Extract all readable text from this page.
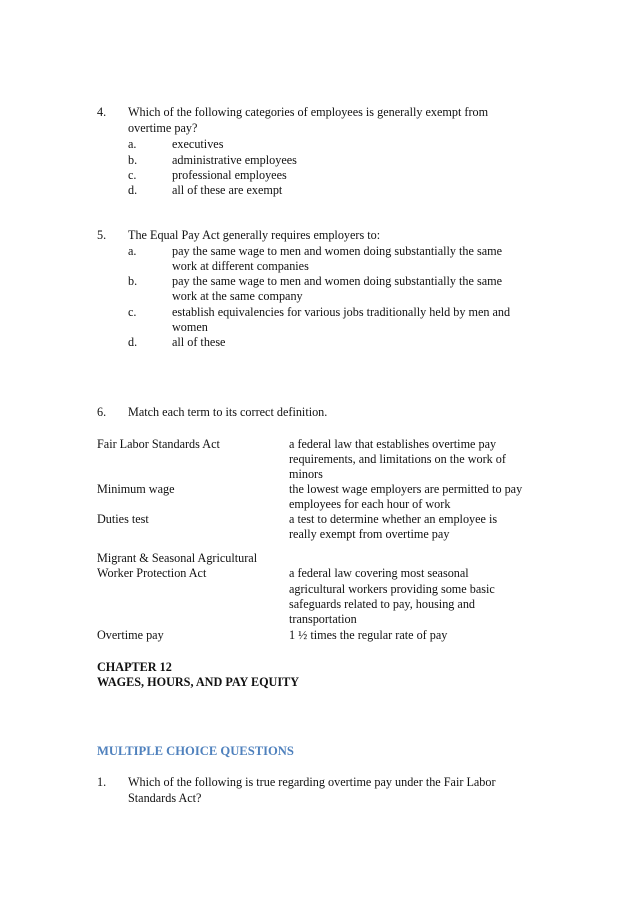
4. Which of the following categories of employees is generally exempt from
overtime pay?
a.	executives
b.	administrative employees
c.	professional employees
d.	all of these are exempt
5. The Equal Pay Act generally requires employers to:
a.	pay the same wage to men and women doing substantially the same
work at different companies
b.	pay the same wage to men and women doing substantially the same
work at the same company
c.	establish equivalencies for various jobs traditionally held by men and
women
d.	all of these
6. Match each term to its correct definition.
Fair Labor Standards Act	a federal law that establishes overtime pay
requirements, and limitations on the work of
minors
Minimum wage	the lowest wage employers are permitted to pay
employees for each hour of work
Duties test	a test to determine whether an employee is
really exempt from overtime pay
Migrant & Seasonal Agricultural
Worker Protection Act	a federal law covering most seasonal
agricultural workers providing some basic
safeguards related to pay, housing and
transportation
Overtime pay	1 ½ times the regular rate of pay
CHAPTER 12
WAGES, HOURS, AND PAY EQUITY
MULTIPLE CHOICE QUESTIONS
1. Which of the following is true regarding overtime pay under the Fair Labor
Standards Act?
